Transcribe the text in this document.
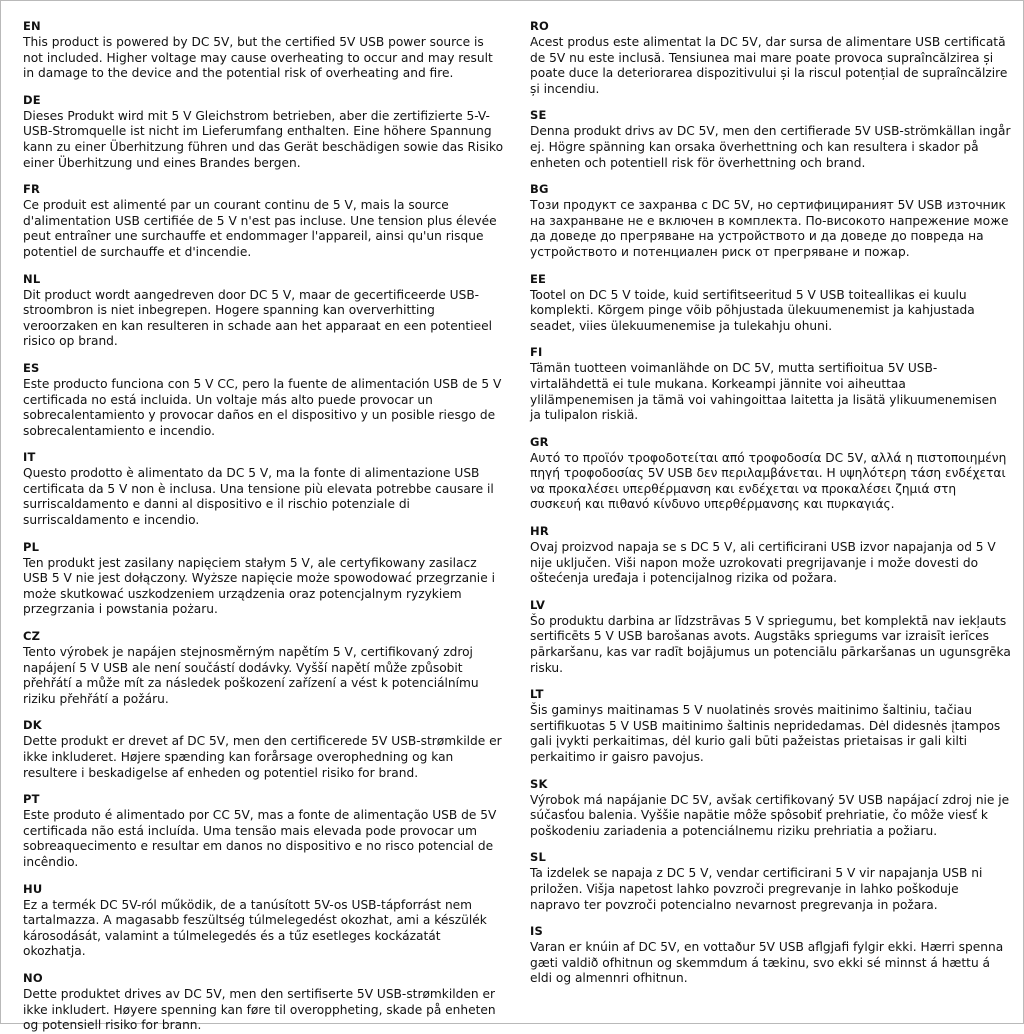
EN
This product is powered by DC 5V, but the certified 5V USB power source is not included. Higher voltage may cause overheating to occur and may result in damage to the device and the potential risk of overheating and fire.
DE
Dieses Produkt wird mit 5 V Gleichstrom betrieben, aber die zertifizierte 5-V-USB-Stromquelle ist nicht im Lieferumfang enthalten. Eine höhere Spannung kann zu einer Überhitzung führen und das Gerät beschädigen sowie das Risiko einer Überhitzung und eines Brandes bergen.
FR
Ce produit est alimenté par un courant continu de 5 V, mais la source d'alimentation USB certifiée de 5 V n'est pas incluse. Une tension plus élevée peut entraîner une surchauffe et endommager l'appareil, ainsi qu'un risque potentiel de surchauffe et d'incendie.
NL
Dit product wordt aangedreven door DC 5 V, maar de gecertificeerde USB-stroombron is niet inbegrepen. Hogere spanning kan oververhitting veroorzaken en kan resulteren in schade aan het apparaat en een potentieel risico op brand.
ES
Este producto funciona con 5 V CC, pero la fuente de alimentación USB de 5 V certificada no está incluida. Un voltaje más alto puede provocar un sobrecalentamiento y provocar daños en el dispositivo y un posible riesgo de sobrecalentamiento e incendio.
IT
Questo prodotto è alimentato da DC 5 V, ma la fonte di alimentazione USB certificata da 5 V non è inclusa. Una tensione più elevata potrebbe causare il surriscaldamento e danni al dispositivo e il rischio potenziale di surriscaldamento e incendio.
PL
Ten produkt jest zasilany napięciem stałym 5 V, ale certyfikowany zasilacz USB 5 V nie jest dołączony. Wyższe napięcie może spowodować przegrzanie i może skutkować uszkodzeniem urządzenia oraz potencjalnym ryzykiem przegrzania i powstania pożaru.
CZ
Tento výrobek je napájen stejnosměrným napětím 5 V, certifikovaný zdroj napájení 5 V USB ale není součástí dodávky. Vyšší napětí může způsobit přehřátí a může mít za následek poškození zařízení a vést k potenciálnímu riziku přehřátí a požáru.
DK
Dette produkt er drevet af DC 5V, men den certificerede 5V USB-strømkilde er ikke inkluderet. Højere spænding kan forårsage overophedning og kan resultere i beskadigelse af enheden og potentiel risiko for brand.
PT
Este produto é alimentado por CC 5V, mas a fonte de alimentação USB de 5V certificada não está incluída. Uma tensão mais elevada pode provocar um sobreaquecimento e resultar em danos no dispositivo e no risco potencial de incêndio.
HU
Ez a termék DC 5V-ról működik, de a tanúsított 5V-os USB-tápforrást nem tartalmazza. A magasabb feszültség túlmelegedést okozhat, ami a készülék károsodását, valamint a túlmelegedés és a tűz esetleges kockázatát okozhatja.
NO
Dette produktet drives av DC 5V, men den sertifiserte 5V USB-strømkilden er ikke inkludert. Høyere spenning kan føre til overoppheting, skade på enheten og potensiell risiko for brann.
RO
Acest produs este alimentat la DC 5V, dar sursa de alimentare USB certificată de 5V nu este inclusă. Tensiunea mai mare poate provoca supraîncălzirea și poate duce la deteriorarea dispozitivului și la riscul potențial de supraîncălzire și incendiu.
SE
Denna produkt drivs av DC 5V, men den certifierade 5V USB-strömkällan ingår ej. Högre spänning kan orsaka överhettning och kan resultera i skador på enheten och potentiell risk för överhettning och brand.
BG
Този продукт се захранва с DC 5V, но сертифицираният 5V USB източник на захранване не е включен в комплекта. По-високото напрежение може да доведе до прегряване на устройството и да доведе до повреда на устройството и потенциален риск от прегряване и пожар.
EE
Tootel on DC 5 V toide, kuid sertifitseeritud 5 V USB toiteallikas ei kuulu komplekti. Kõrgem pinge võib põhjustada ülekuumenemist ja kahjustada seadet, viies ülekuumenemise ja tulekahju ohuni.
FI
Tämän tuotteen voimanlähde on DC 5V, mutta sertifioitua 5V USB-virtalähdettä ei tule mukana. Korkeampi jännite voi aiheuttaa ylilämpenemisen ja tämä voi vahingoittaa laitetta ja lisätä ylikuumenemisen ja tulipalon riskiä.
GR
Αυτό το προϊόν τροφοδοτείται από τροφοδοσία DC 5V, αλλά η πιστοποιημένη πηγή τροφοδοσίας 5V USB δεν περιλαμβάνεται. Η υψηλότερη τάση ενδέχεται να προκαλέσει υπερθέρμανση και ενδέχεται να προκαλέσει ζημιά στη συσκευή και πιθανό κίνδυνο υπερθέρμανσης και πυρκαγιάς.
HR
Ovaj proizvod napaja se s DC 5 V, ali certificirani USB izvor napajanja od 5 V nije uključen. Viši napon može uzrokovati pregrijavanje i može dovesti do oštećenja uređaja i potencijalnog rizika od požara.
LV
Šo produktu darbina ar līdzstrāvas 5 V spriegumu, bet komplektā nav iekļauts sertificēts 5 V USB barošanas avots. Augstāks spriegums var izraisīt ierīces pārkaršanu, kas var radīt bojājumus un potenciālu pārkaršanas un ugunsgrēka risku.
LT
Šis gaminys maitinamas 5 V nuolatinės srovės maitinimo šaltiniu, tačiau sertifikuotas 5 V USB maitinimo šaltinis nepridedamas. Dėl didesnės įtampos gali įvykti perkaitimas, dėl kurio gali būti pažeistas prietaisas ir gali kilti perkaitimo ir gaisro pavojus.
SK
Výrobok má napájanie DC 5V, avšak certifikovaný 5V USB napájací zdroj nie je súčasťou balenia. Vyššie napätie môže spôsobiť prehriatie, čo môže viesť k poškodeniu zariadenia a potenciálnemu riziku prehriatia a požiaru.
SL
Ta izdelek se napaja z DC 5 V, vendar certificirani 5 V vir napajanja USB ni priložen. Višja napetost lahko povzroči pregrevanje in lahko poškoduje napravo ter povzroči potencialno nevarnost pregrevanja in požara.
IS
Varan er knúin af DC 5V, en vottaður 5V USB aflgjafi fylgir ekki. Hærri spenna gæti valdið ofhitnun og skemmdum á tækinu, svo ekki sé minnst á hættu á eldi og almennri ofhitnun.
